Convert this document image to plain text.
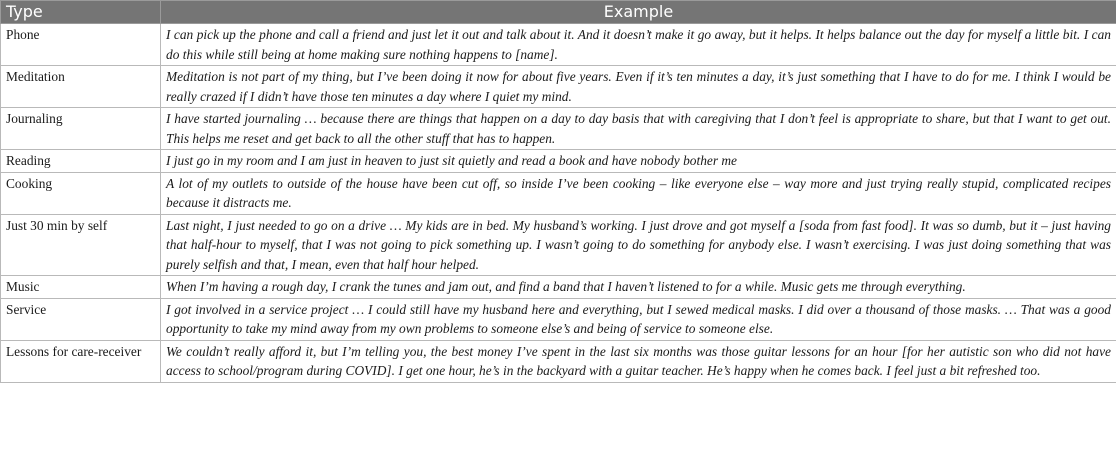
Type	Example
Phone	I can pick up the phone and call a friend and just let it out and talk about it. And it doesn’t make it go away, but it helps. It helps balance out the day for myself a little bit. I can do this while still being at home making sure nothing happens to [name].
Meditation	Meditation is not part of my thing, but I’ve been doing it now for about five years. Even if it’s ten minutes a day, it’s just something that I have to do for me. I think I would be really crazed if I didn’t have those ten minutes a day where I quiet my mind.
Journaling	I have started journaling … because there are things that happen on a day to day basis that with caregiving that I don’t feel is appropriate to share, but that I want to get out. This helps me reset and get back to all the other stuff that has to happen.
Reading	I just go in my room and I am just in heaven to just sit quietly and read a book and have nobody bother me
Cooking	A lot of my outlets to outside of the house have been cut off, so inside I’ve been cooking – like everyone else – way more and just trying really stupid, complicated recipes because it distracts me.
Just 30 min by self	Last night, I just needed to go on a drive … My kids are in bed. My husband’s working. I just drove and got myself a [soda from fast food]. It was so dumb, but it – just having that half-hour to myself, that I was not going to pick something up. I wasn’t going to do something for anybody else. I wasn’t exercising. I was just doing something that was purely selfish and that, I mean, even that half hour helped.
Music	When I’m having a rough day, I crank the tunes and jam out, and find a band that I haven’t listened to for a while. Music gets me through everything.
Service	I got involved in a service project … I could still have my husband here and everything, but I sewed medical masks. I did over a thousand of those masks. … That was a good opportunity to take my mind away from my own problems to someone else’s and being of service to someone else.
Lessons for care-receiver	We couldn’t really afford it, but I’m telling you, the best money I’ve spent in the last six months was those guitar lessons for an hour [for her autistic son who did not have access to school/program during COVID]. I get one hour, he’s in the backyard with a guitar teacher. He’s happy when he comes back. I feel just a bit refreshed too.
